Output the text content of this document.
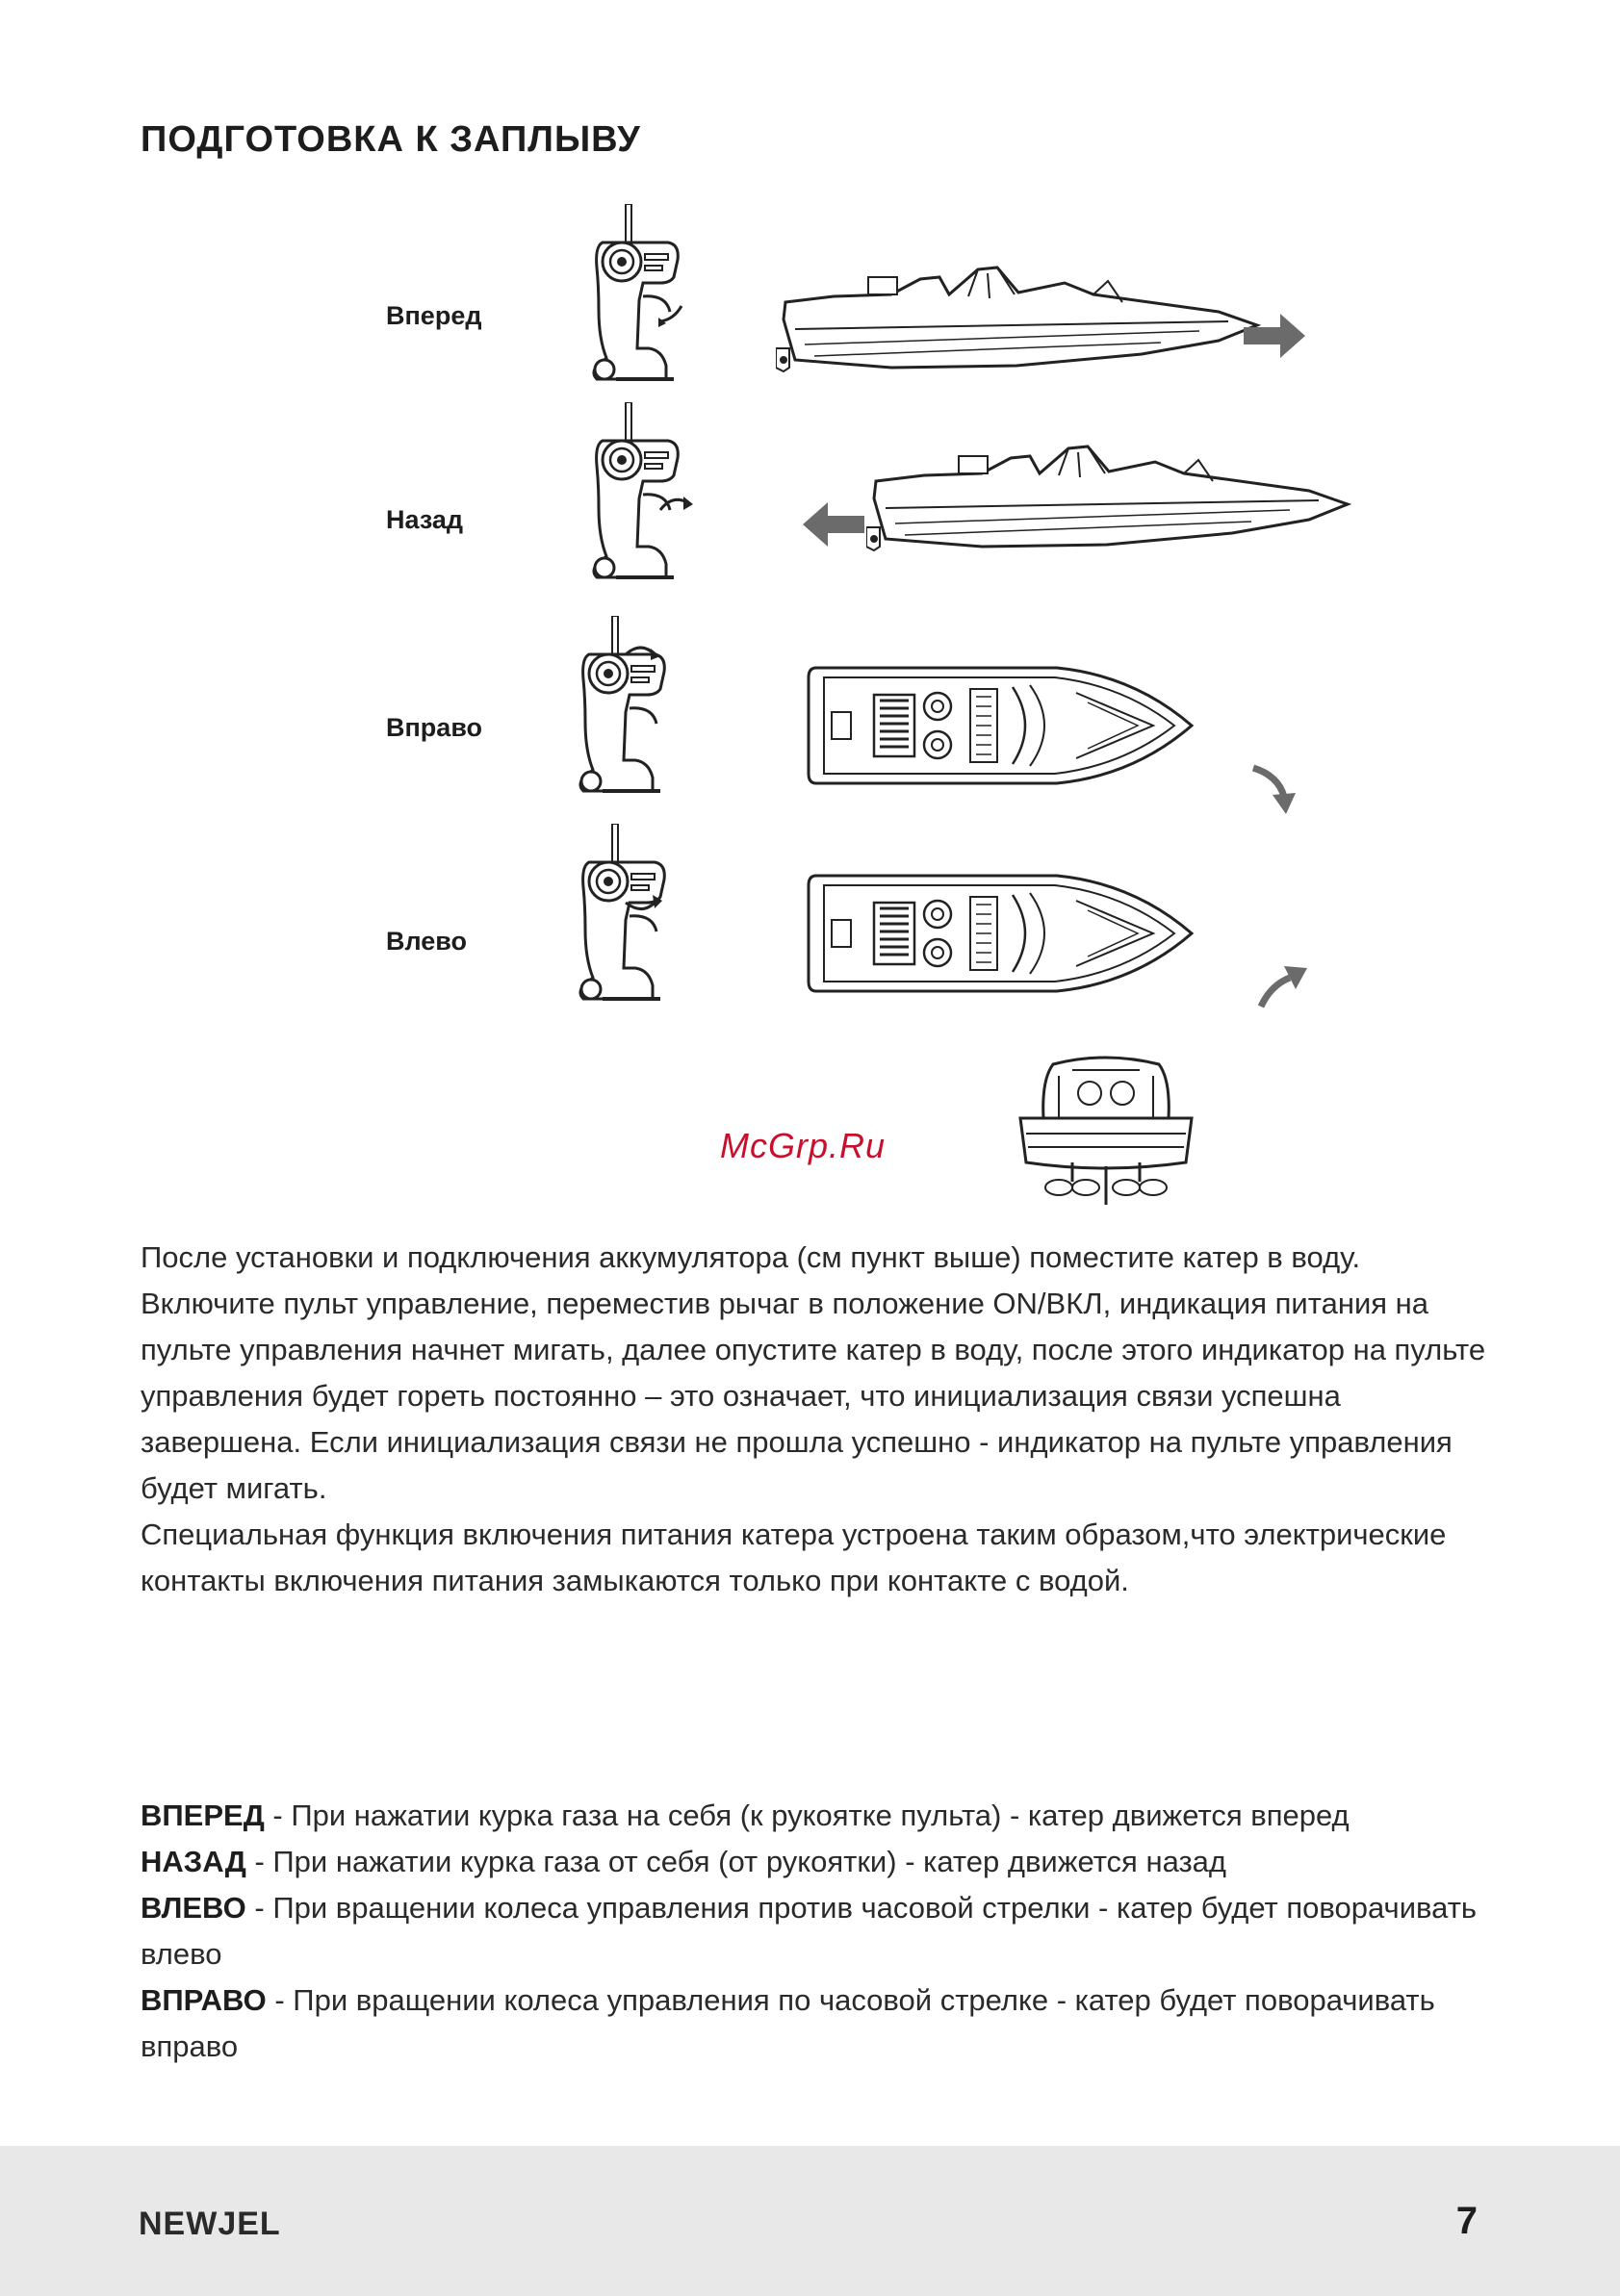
ПОДГОТОВКА К ЗАПЛЫВУ
Вперед
Назад
Вправо
Влево
McGrp.Ru

После установки и подключения аккумулятора (см пункт выше) поместите катер в воду.

Включите пульт управление, переместив рычаг в положение ON/ВКЛ, индикация питания на пульте управления начнет мигать, далее опустите катер в воду, после этого индикатор на пульте управления будет гореть постоянно – это означает, что инициализация связи успешна завершена. Если инициализация связи не прошла успешно - индикатор на пульте управления будет мигать.

Специальная функция включения питания катера устроена таким образом,что электрические контакты включения питания замыкаются только при контакте с водой.

ВПЕРЕД - При нажатии курка газа на себя (к рукоятке пульта) - катер движется вперед

НАЗАД - При нажатии курка газа от себя (от рукоятки) - катер движется назад

ВЛЕВО - При вращении колеса управления против часовой стрелки - катер будет поворачивать влево

ВПРАВО - При вращении колеса управления по часовой стрелке - катер будет поворачивать вправо

NEWJEL	7
